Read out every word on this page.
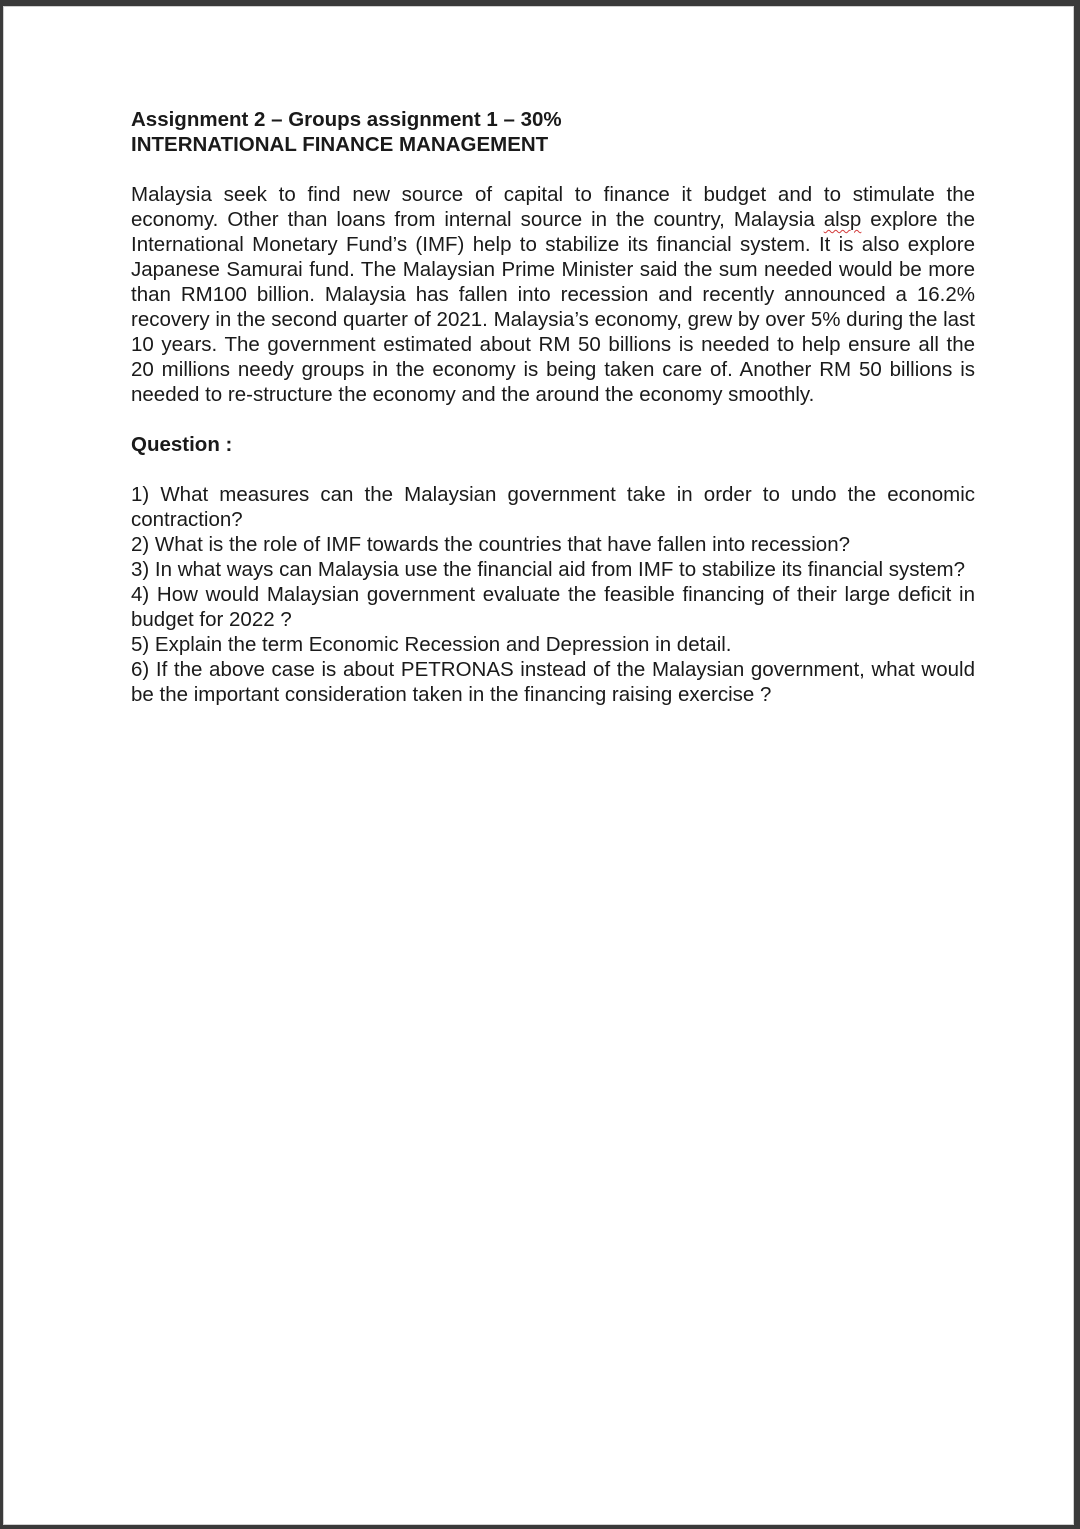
Assignment 2 – Groups assignment 1 – 30%

INTERNATIONAL FINANCE MANAGEMENT

Malaysia seek to find new source of capital to finance it budget and to stimulate the economy. Other than loans from internal source in the country, Malaysia alsp explore the International Monetary Fund’s (IMF) help to stabilize its financial system. It is also explore Japanese Samurai fund. The Malaysian Prime Minister said the sum needed would be more than RM100 billion. Malaysia has fallen into recession and recently announced a 16.2% recovery in the second quarter of 2021. Malaysia’s economy, grew by over 5% during the last 10 years. The government estimated about RM 50 billions is needed to help ensure all the 20 millions needy groups in the economy is being taken care of. Another RM 50 billions is needed to re-structure the economy and the around the economy smoothly.

Question :

1) What measures can the Malaysian government take in order to undo the economic contraction?
2) What is the role of IMF towards the countries that have fallen into recession?
3) In what ways can Malaysia use the financial aid from IMF to stabilize its financial system?
4) How would Malaysian government evaluate the feasible financing of their large deficit in budget for 2022 ?
5) Explain the term Economic Recession and Depression in detail.
6) If the above case is about PETRONAS instead of the Malaysian government, what would be the important consideration taken in the financing raising exercise ?
